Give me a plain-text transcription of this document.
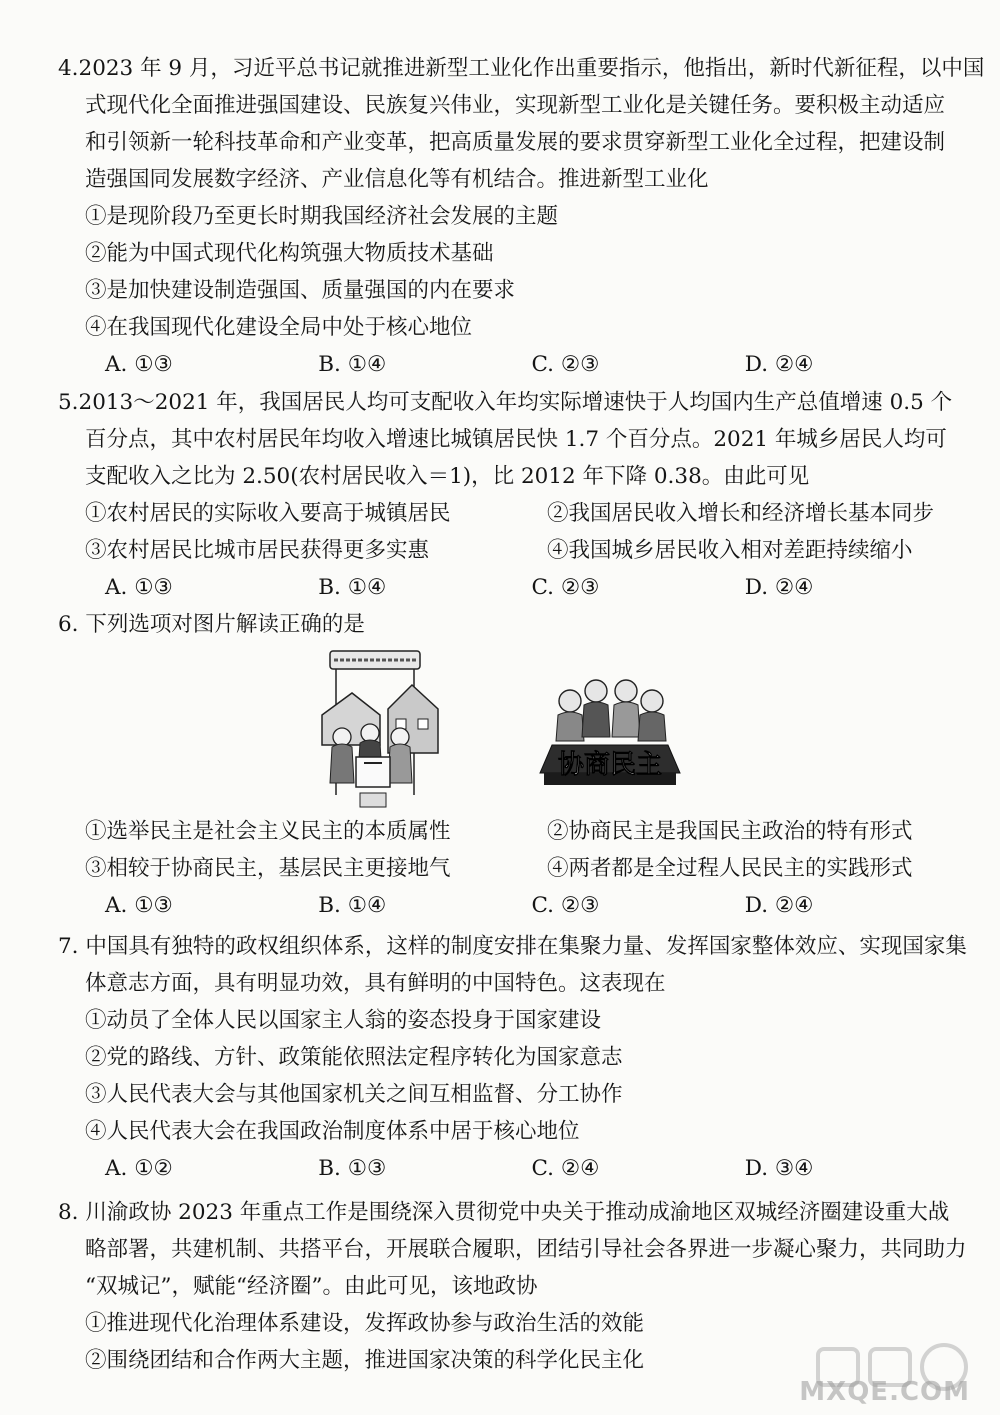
4.2023 年 9 月，习近平总书记就推进新型工业化作出重要指示，他指出，新时代新征程，以中国
式现代化全面推进强国建设、民族复兴伟业，实现新型工业化是关键任务。要积极主动适应
和引领新一轮科技革命和产业变革，把高质量发展的要求贯穿新型工业化全过程，把建设制
造强国同发展数字经济、产业信息化等有机结合。推进新型工业化
①是现阶段乃至更长时期我国经济社会发展的主题
②能为中国式现代化构筑强大物质技术基础
③是加快建设制造强国、质量强国的内在要求
④在我国现代化建设全局中处于核心地位
A. ①③	B. ①④	C. ②③	D. ②④
5.2013～2021 年，我国居民人均可支配收入年均实际增速快于人均国内生产总值增速 0.5 个
百分点，其中农村居民年均收入增速比城镇居民快 1.7 个百分点。2021 年城乡居民人均可
支配收入之比为 2.50(农村居民收入＝1)，比 2012 年下降 0.38。由此可见
①农村居民的实际收入要高于城镇居民	②我国居民收入增长和经济增长基本同步
③农村居民比城市居民获得更多实惠	④我国城乡居民收入相对差距持续缩小
A. ①③	B. ①④	C. ②③	D. ②④
6. 下列选项对图片解读正确的是
协商民主
①选举民主是社会主义民主的本质属性	②协商民主是我国民主政治的特有形式
③相较于协商民主，基层民主更接地气	④两者都是全过程人民民主的实践形式
A. ①③	B. ①④	C. ②③	D. ②④
7. 中国具有独特的政权组织体系，这样的制度安排在集聚力量、发挥国家整体效应、实现国家集
体意志方面，具有明显功效，具有鲜明的中国特色。这表现在
①动员了全体人民以国家主人翁的姿态投身于国家建设
②党的路线、方针、政策能依照法定程序转化为国家意志
③人民代表大会与其他国家机关之间互相监督、分工协作
④人民代表大会在我国政治制度体系中居于核心地位
A. ①②	B. ①③	C. ②④	D. ③④
8. 川渝政协 2023 年重点工作是围绕深入贯彻党中央关于推动成渝地区双城经济圈建设重大战
略部署，共建机制、共搭平台，开展联合履职，团结引导社会各界进一步凝心聚力，共同助力
“双城记”，赋能“经济圈”。由此可见，该地政协
①推进现代化治理体系建设，发挥政协参与政治生活的效能
②围绕团结和合作两大主题，推进国家决策的科学化民主化
MXQE.COM
